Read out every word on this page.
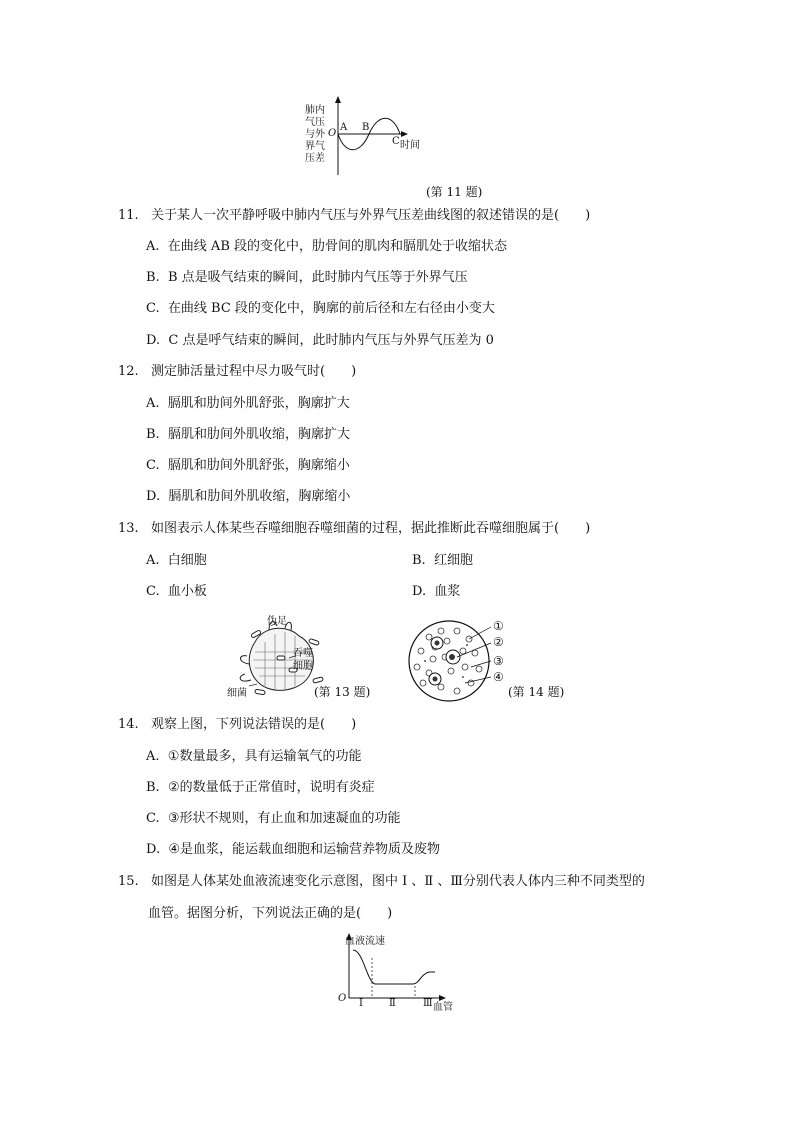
肺内
气压
与外
界气
压差
O
A B
C 时间
(第 11 题)
11. 关于某人一次平静呼吸中肺内气压与外界气压差曲线图的叙述错误的是(　　)
A. 在曲线 AB 段的变化中，肋骨间的肌肉和膈肌处于收缩状态
B. B 点是吸气结束的瞬间，此时肺内气压等于外界气压
C. 在曲线 BC 段的变化中，胸廓的前后径和左右径由小变大
D. C 点是呼气结束的瞬间，此时肺内气压与外界气压差为 0
12. 测定肺活量过程中尽力吸气时(　　)
A. 膈肌和肋间外肌舒张，胸廓扩大
B. 膈肌和肋间外肌收缩，胸廓扩大
C. 膈肌和肋间外肌舒张，胸廓缩小
D. 膈肌和肋间外肌收缩，胸廓缩小
13. 如图表示人体某些吞噬细胞吞噬细菌的过程，据此推断此吞噬细胞属于(　　)
A. 白细胞	B. 红细胞
C. 血小板	D. 血浆
伪足
吞噬
细胞
细菌	(第 13 题)
①
②
③
④
(第 14 题)
14. 观察上图，下列说法错误的是(　　)
A. ①数量最多，具有运输氧气的功能
B. ②的数量低于正常值时，说明有炎症
C. ③形状不规则，有止血和加速凝血的功能
D. ④是血浆，能运载血细胞和运输营养物质及废物
15. 如图是人体某处血液流速变化示意图，图中 Ⅰ 、Ⅱ 、Ⅲ分别代表人体内三种不同类型的
血管。据图分析，下列说法正确的是(　　)
血液流速
O Ⅰ	Ⅱ	Ⅲ 血管
